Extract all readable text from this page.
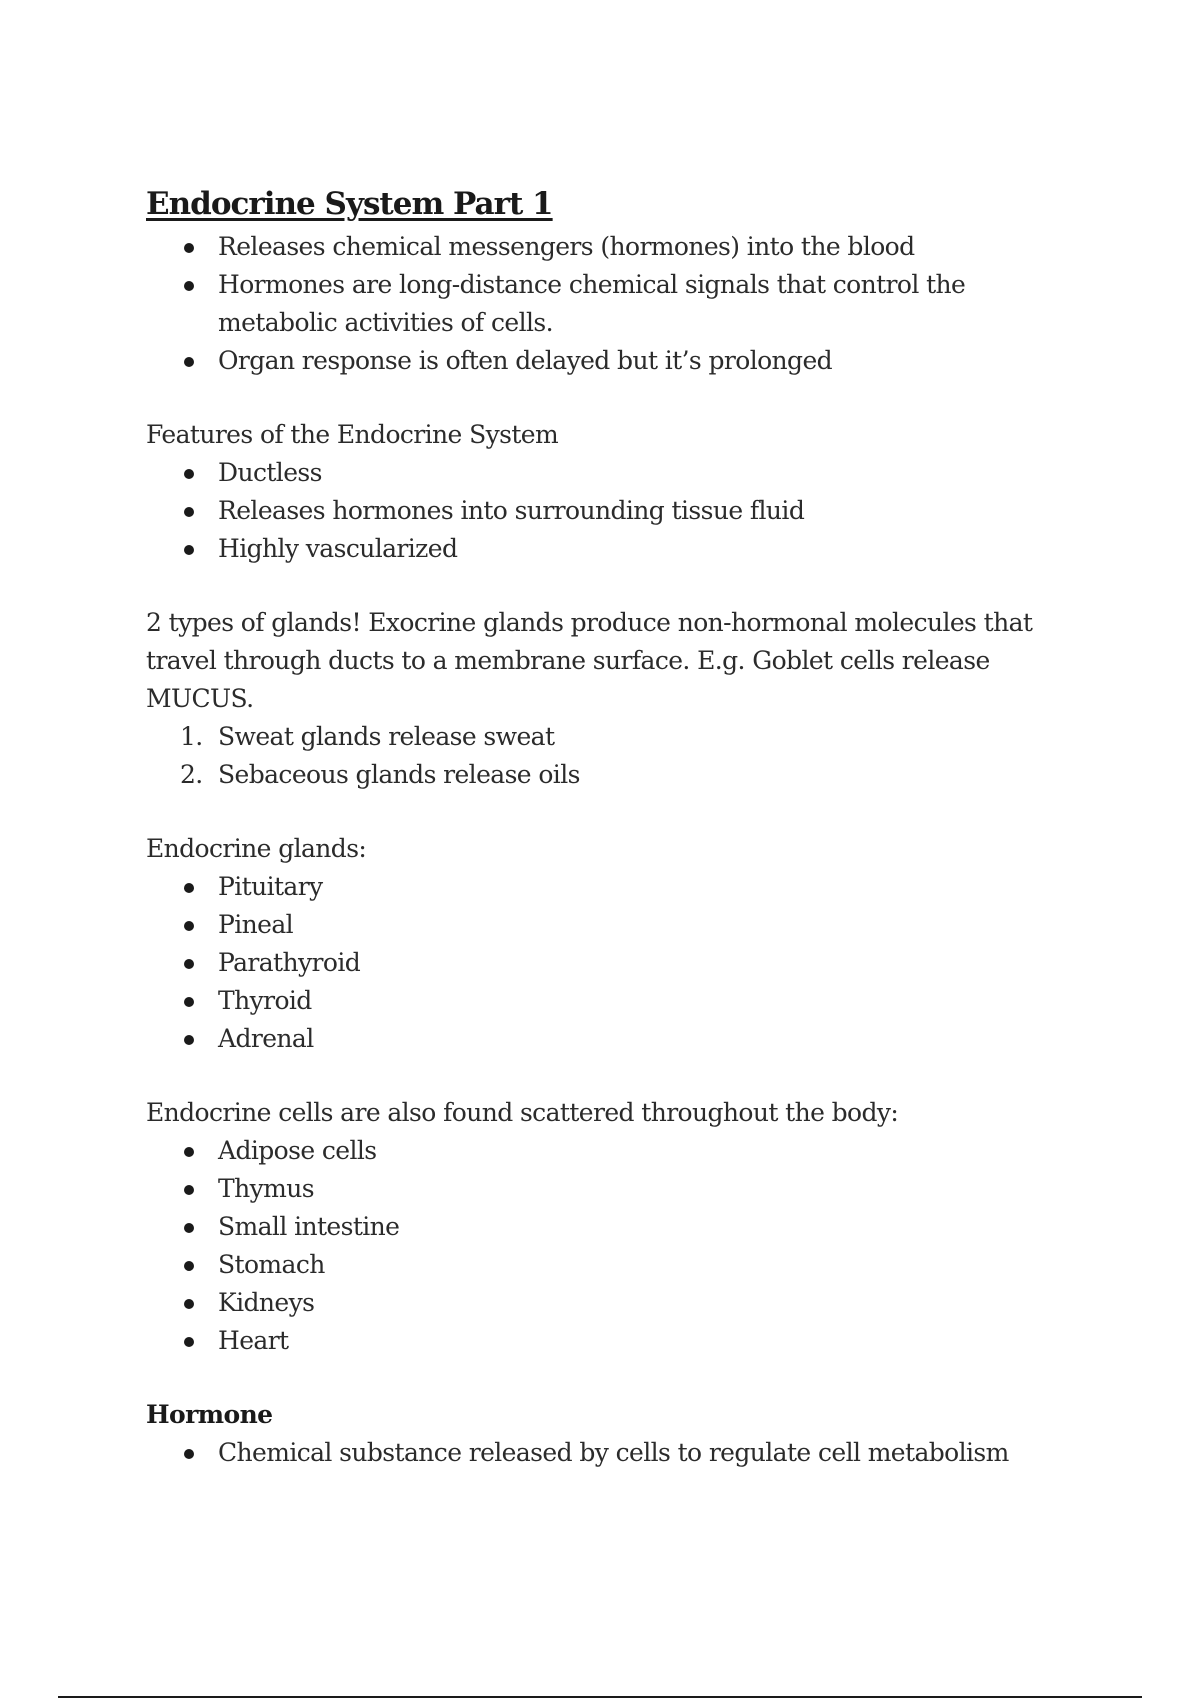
Endocrine System Part 1
Releases chemical messengers (hormones) into the blood
Hormones are long-distance chemical signals that control the metabolic activities of cells.
Organ response is often delayed but it’s prolonged

Features of the Endocrine System

Ductless
Releases hormones into surrounding tissue fluid
Highly vascularized

2 types of glands! Exocrine glands produce non-hormonal molecules that travel through ducts to a membrane surface. E.g. Goblet cells release MUCUS.

1. Sweat glands release sweat
2. Sebaceous glands release oils

Endocrine glands:

Pituitary
Pineal
Parathyroid
Thyroid
Adrenal

Endocrine cells are also found scattered throughout the body:

Adipose cells
Thymus
Small intestine
Stomach
Kidneys
Heart

Hormone

Chemical substance released by cells to regulate cell metabolism
